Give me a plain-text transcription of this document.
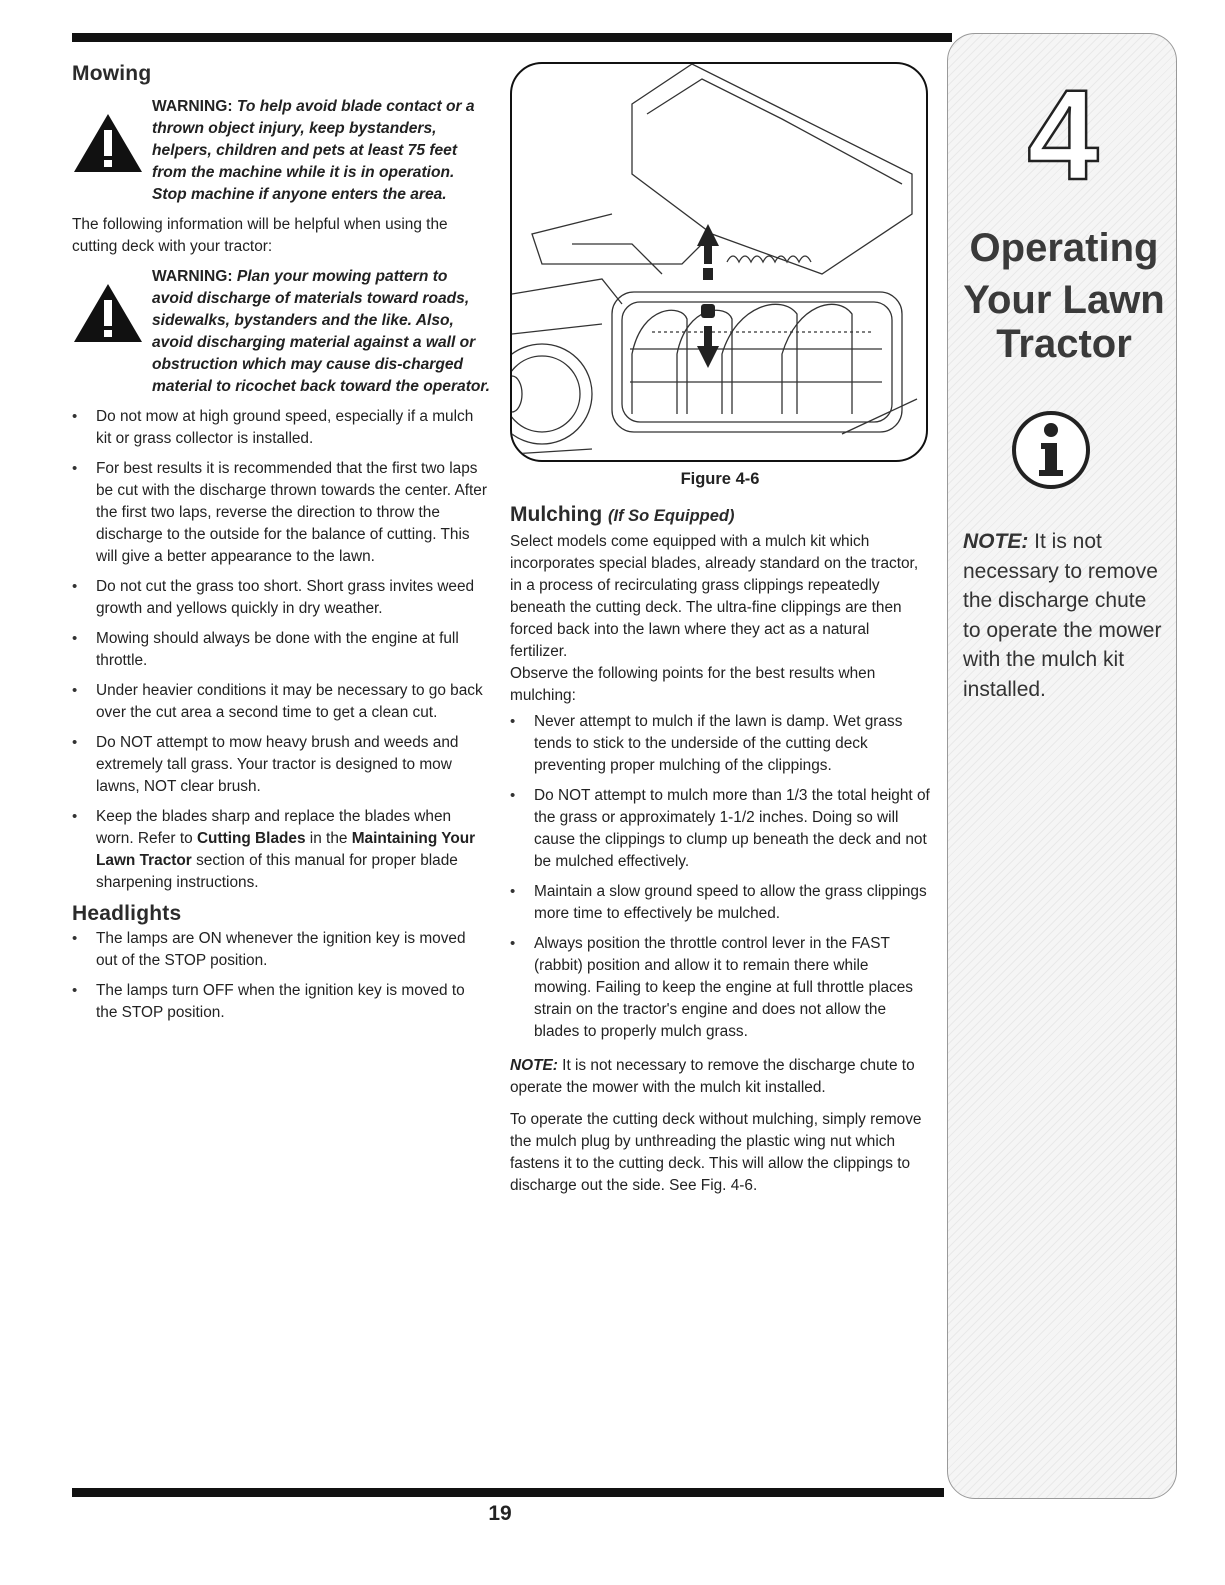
Mowing
WARNING: To help avoid blade contact or a thrown object injury, keep bystanders, helpers, children and pets at least 75 feet from the machine while it is in operation. Stop machine if anyone enters the area.

The following information will be helpful when using the cutting deck with your tractor:

WARNING: Plan your mowing pattern to avoid discharge of materials toward roads, sidewalks, bystanders and the like. Also, avoid discharging material against a wall or obstruction which may cause dis-charged material to ricochet back toward the operator.
• Do not mow at high ground speed, especially if a mulch kit or grass collector is installed.
• For best results it is recommended that the first two laps be cut with the discharge thrown towards the center. After the first two laps, reverse the direction to throw the discharge to the outside for the balance of cutting. This will give a better appearance to the lawn.
• Do not cut the grass too short. Short grass invites weed growth and yellows quickly in dry weather.
• Mowing should always be done with the engine at full throttle.
• Under heavier conditions it may be necessary to go back over the cut area a second time to get a clean cut.
• Do NOT attempt to mow heavy brush and weeds and extremely tall grass. Your tractor is designed to mow lawns, NOT clear brush.
• Keep the blades sharp and replace the blades when worn. Refer to Cutting Blades in the Maintaining Your Lawn Tractor section of this manual for proper blade sharpening instructions.
Headlights
• The lamps are ON whenever the ignition key is moved out of the STOP position.
• The lamps turn OFF when the ignition key is moved to the STOP position.
Figure 4-6
Mulching (If So Equipped)

Select models come equipped with a mulch kit which incorporates special blades, already standard on the tractor, in a process of recirculating grass clippings repeatedly beneath the cutting deck. The ultra-fine clippings are then forced back into the lawn where they act as a natural fertilizer.

Observe the following points for the best results when mulching:

• Never attempt to mulch if the lawn is damp. Wet grass tends to stick to the underside of the cutting deck preventing proper mulching of the clippings.
• Do NOT attempt to mulch more than 1/3 the total height of the grass or approximately 1-1/2 inches. Doing so will cause the clippings to clump up beneath the deck and not be mulched effectively.
• Maintain a slow ground speed to allow the grass clippings more time to effectively be mulched.
• Always position the throttle control lever in the FAST (rabbit) position and allow it to remain there while mowing. Failing to keep the engine at full throttle places strain on the tractor's engine and does not allow the blades to properly mulch grass.

NOTE: It is not necessary to remove the discharge chute to operate the mower with the mulch kit installed.

To operate the cutting deck without mulching, simply remove the mulch plug by unthreading the plastic wing nut which fastens it to the cutting deck. This will allow the clippings to discharge out the side. See Fig. 4-6.

4
Operating
Your Lawn
Tractor
NOTE: It is not necessary to remove the discharge chute to operate the mower with the mulch kit installed.
19
